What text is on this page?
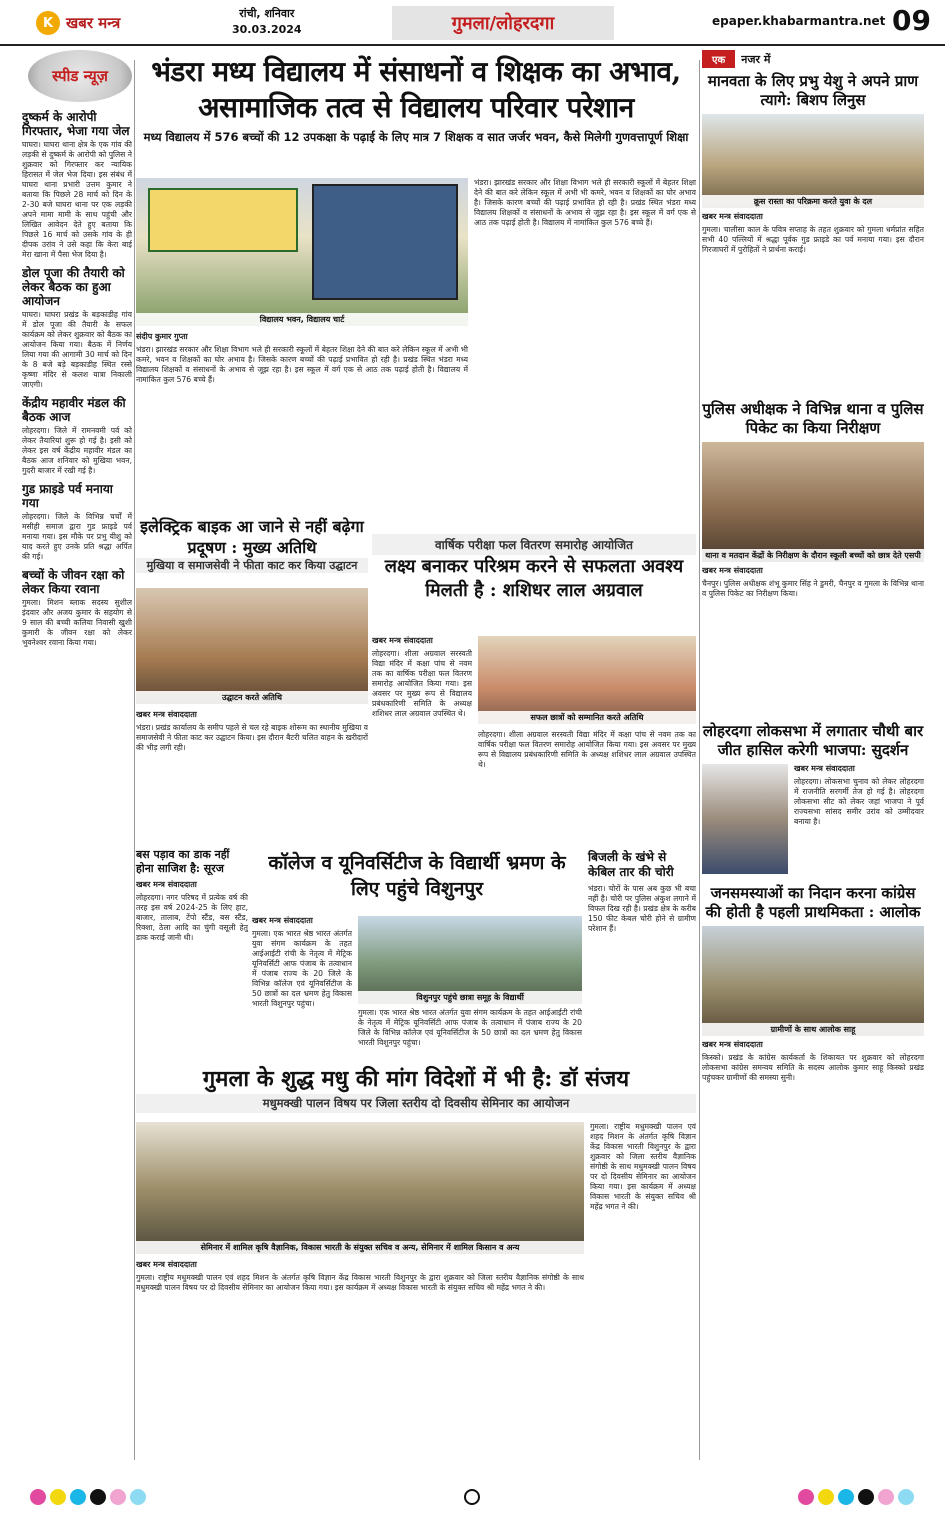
K खबर मन्त्र
रांची, शनिवार
30.03.2024	गुमला/लोहरदगा	epaper.khabarmantra.net 09
स्पीड न्यूज़
दुष्कर्म के आरोपी गिरफ्तार, भेजा गया जेल

घाघरा। घाघरा थाना क्षेत्र के एक गांव की लड़की से दुष्कर्म के आरोपी को पुलिस ने शुक्रवार को गिरफ्तार कर न्यायिक हिरासत में जेल भेज दिया। इस संबंध में घाघरा थाना प्रभारी उत्तम कुमार ने बताया कि पिछले 28 मार्च को दिन के 2-30 बजे घाघरा थाना पर एक लड़की अपने मामा मामी के साथ पहुंची और लिखित आवेदन देते हुए बताया कि पिछले 16 मार्च को उसके गांव के ही दीपक उरांव ने उसे कहा कि केरा बाई मेरा खाना में पैसा भेज दिया है।

डोल पूजा की तैयारी को लेकर बैठक का हुआ आयोजन

घाघरा। घाघरा प्रखंड के बड़काडीह गांव में डोल पूजा की तैयारी के सफल कार्यक्रम को लेकर शुक्रवार को बैठक का आयोजन किया गया। बैठक में निर्णय लिया गया की आगामी 30 मार्च को दिन के 8 बजे बड़े बड़काडीह स्थित रस्से कृष्णा मंदिर से कलश यात्रा निकाली जाएगी।

केंद्रीय महावीर मंडल की बैठक आज

लोहरदगा। जिले में रामनवमी पर्व को लेकर तैयारियां शुरू हो गई है। इसी को लेकर इस वर्ष केंद्रीय महावीर मंडल का बैठक आज शनिवार को मुखिया भवन, गुदरी बाजार में रखी गई है।

गुड फ्राइडे पर्व मनाया गया

लोहरदगा। जिले के विभिन्न चर्चों में मसीही समाज द्वारा गुड फ्राइडे पर्व मनाया गया। इस मौके पर प्रभु यीशु को याद करते हुए उनके प्रति श्रद्धा अर्पित की गई।

बच्चों के जीवन रक्षा को लेकर किया रवाना

गुमला। मिशन ब्लाक सदस्य सुशील इंदवार और अजय कुमार के सहयोग से 9 साल की बच्ची कलिया निवासी खुशी कुमारी के जीवन रक्षा को लेकर भुवनेश्वर रवाना किया गया।

भंडरा मध्य विद्यालय में संसाधनों व शिक्षक का अभाव, असामाजिक तत्व से विद्यालय परिवार परेशान
मध्य विद्यालय में 576 बच्चों की 12 उपकक्षा के पढ़ाई के लिए मात्र 7 शिक्षक व सात जर्जर भवन, कैसे मिलेगी गुणवत्तापूर्ण शिक्षा
विद्यालय भवन, विद्यालय चार्ट
संदीप कुमार गुप्ता

भंडरा। झारखंड सरकार और शिक्षा विभाग भले ही सरकारी स्कूलों में बेहतर शिक्षा देने की बात करे लेकिन स्कूल में अभी भी कमरे, भवन व शिक्षकों का घोर अभाव है। जिसके कारण बच्चों की पढ़ाई प्रभावित हो रही है। प्रखंड स्थित भंडरा मध्य विद्यालय शिक्षकों व संसाधनों के अभाव से जूझ रहा है। इस स्कूल में वर्ग एक से आठ तक पढ़ाई होती है। विद्यालय में नामांकित कुल 576 बच्चे हैं।

भंडरा। झारखंड सरकार और शिक्षा विभाग भले ही सरकारी स्कूलों में बेहतर शिक्षा देने की बात करे लेकिन स्कूल में अभी भी कमरे, भवन व शिक्षकों का घोर अभाव है। जिसके कारण बच्चों की पढ़ाई प्रभावित हो रही है। प्रखंड स्थित भंडरा मध्य विद्यालय शिक्षकों व संसाधनों के अभाव से जूझ रहा है। इस स्कूल में वर्ग एक से आठ तक पढ़ाई होती है। विद्यालय में नामांकित कुल 576 बच्चे हैं।

इलेक्ट्रिक बाइक आ जाने से नहीं बढ़ेगा प्रदूषण : मुख्य अतिथि
मुखिया व समाजसेवी ने फीता काट कर किया उद्घाटन
उद्घाटन करते अतिथि
खबर मन्त्र संवाददाता

भंडरा। प्रखंड कार्यालय के समीप पहले से चल रहे बाइक शोरूम का स्थानीय मुखिया व समाजसेवी ने फीता काट कर उद्घाटन किया। इस दौरान बैटरी चलित वाहन के खरीदारों की भीड़ लगी रही।

वार्षिक परीक्षा फल वितरण समारोह आयोजित
लक्ष्य बनाकर परिश्रम करने से सफलता अवश्य मिलती है : शशिधर लाल अग्रवाल
खबर मन्त्र संवाददाता

लोहरदगा। शीला अग्रवाल सरस्वती विद्या मंदिर में कक्षा पांच से नवम तक का वार्षिक परीक्षा फल वितरण समारोह आयोजित किया गया। इस अवसर पर मुख्य रूप से विद्यालय प्रबंधकारिणी समिति के अध्यक्ष शशिधर लाल अग्रवाल उपस्थित थे।	सफल छात्रों को सम्मानित करते अतिथि

लोहरदगा। शीला अग्रवाल सरस्वती विद्या मंदिर में कक्षा पांच से नवम तक का वार्षिक परीक्षा फल वितरण समारोह आयोजित किया गया। इस अवसर पर मुख्य रूप से विद्यालय प्रबंधकारिणी समिति के अध्यक्ष शशिधर लाल अग्रवाल उपस्थित थे।

बस पड़ाव का डाक नहीं होना साजिश है: सूरज
खबर मन्त्र संवाददाता

लोहरदगा। नगर परिषद में प्रत्येक वर्ष की तरह इस वर्ष 2024-25 के लिए हाट, बाजार, तालाब, टेंपो स्टैंड, बस स्टैंड, रिक्शा, ठेला आदि का चुंगी वसूली हेतु डाक कराई जानी थी।

कॉलेज व यूनिवर्सिटीज के विद्यार्थी भ्रमण के लिए पहुंचे विशुनपुर
खबर मन्त्र संवाददाता

गुमला। एक भारत श्रेष्ठ भारत अंतर्गत युवा संगम कार्यक्रम के तहत आईआईटी रांची के नेतृत्व में मेट्रिक यूनिवर्सिटी आफ पंजाब के तत्वाधान में पंजाब राज्य के 20 जिले के विभिन्न कॉलेज एवं यूनिवर्सिटीज के 50 छात्रों का दल भ्रमण हेतु विकास भारती विशुनपुर पहुंचा।

विशुनपुर पहुंचे छात्रा समूह के विद्यार्थी

गुमला। एक भारत श्रेष्ठ भारत अंतर्गत युवा संगम कार्यक्रम के तहत आईआईटी रांची के नेतृत्व में मेट्रिक यूनिवर्सिटी आफ पंजाब के तत्वाधान में पंजाब राज्य के 20 जिले के विभिन्न कॉलेज एवं यूनिवर्सिटीज के 50 छात्रों का दल भ्रमण हेतु विकास भारती विशुनपुर पहुंचा।

बिजली के खंभे से केबिल तार की चोरी

भंडरा। चोरों के पास अब कुछ भी बचा नहीं है। चोरी पर पुलिस अंकुश लगाने में विफल दिख रही है। प्रखंड क्षेत्र के करीब 150 फीट केबल चोरी होने से ग्रामीण परेशान हैं।

गुमला के शुद्ध मधु की मांग विदेशों में भी है: डॉ संजय
मधुमक्खी पालन विषय पर जिला स्तरीय दो दिवसीय सेमिनार का आयोजन
सेमिनार में शामिल कृषि वैज्ञानिक, विकास भारती के संयुक्त सचिव व अन्य, सेमिनार में शामिल किसान व अन्य
खबर मन्त्र संवाददाता

गुमला। राष्ट्रीय मधुमक्खी पालन एवं शहद मिशन के अंतर्गत कृषि विज्ञान केंद्र विकास भारती विशुनपुर के द्वारा शुक्रवार को जिला स्तरीय वैज्ञानिक संगोष्ठी के साथ मधुमक्खी पालन विषय पर दो दिवसीय सेमिनार का आयोजन किया गया। इस कार्यक्रम में अध्यक्ष विकास भारती के संयुक्त सचिव श्री महेंद्र भगत ने की।

गुमला। राष्ट्रीय मधुमक्खी पालन एवं शहद मिशन के अंतर्गत कृषि विज्ञान केंद्र विकास भारती विशुनपुर के द्वारा शुक्रवार को जिला स्तरीय वैज्ञानिक संगोष्ठी के साथ मधुमक्खी पालन विषय पर दो दिवसीय सेमिनार का आयोजन किया गया। इस कार्यक्रम में अध्यक्ष विकास भारती के संयुक्त सचिव श्री महेंद्र भगत ने की।

एक	नजर में
मानवता के लिए प्रभु येशु ने अपने प्राण त्यागे: बिशप लिनुस
क्रूस रास्ता का परिक्रमा करते युवा के दल
खबर मन्त्र संवाददाता

गुमला। चालीसा काल के पवित्र सप्ताह के तहत शुक्रवार को गुमला धर्मप्रांत सहित सभी 40 पल्लियों में श्रद्धा पूर्वक गुड फ्राइडे का पर्व मनाया गया। इस दौरान गिरजाघरों में पुरोहितों ने प्रार्थना कराई।

पुलिस अधीक्षक ने विभिन्न थाना व पुलिस पिकेट का किया निरीक्षण
थाना व मतदान केंद्रों के निरीक्षण के दौरान स्कूली बच्चों को छात्र देते एसपी
खबर मन्त्र संवाददाता

चैनपुर। पुलिस अधीक्षक शंभू कुमार सिंह ने डुमरी, चैनपुर व गुमला के विभिन्न थाना व पुलिस पिकेट का निरीक्षण किया।

लोहरदगा लोकसभा में लगातार चौथी बार जीत हासिल करेगी भाजपा: सुदर्शन
खबर मन्त्र संवाददाता

लोहरदगा। लोकसभा चुनाव को लेकर लोहरदगा में राजनीति सरगर्मी तेज हो गई है। लोहरदगा लोकसभा सीट को लेकर जहां भाजपा ने पूर्व राज्यसभा सांसद समीर उरांव को उम्मीदवार बनाया है।

जनसमस्याओं का निदान करना कांग्रेस की होती है पहली प्राथमिकता : आलोक
ग्रामीणों के साथ आलोक साहू
खबर मन्त्र संवाददाता

किस्को। प्रखंड के कांग्रेस कार्यकर्ता के शिकायत पर शुक्रवार को लोहरदगा लोकसभा कांग्रेस समन्वय समिति के सदस्य आलोक कुमार साहू किस्को प्रखंड पहुंचकर ग्रामीणों की समस्या सुनी।
